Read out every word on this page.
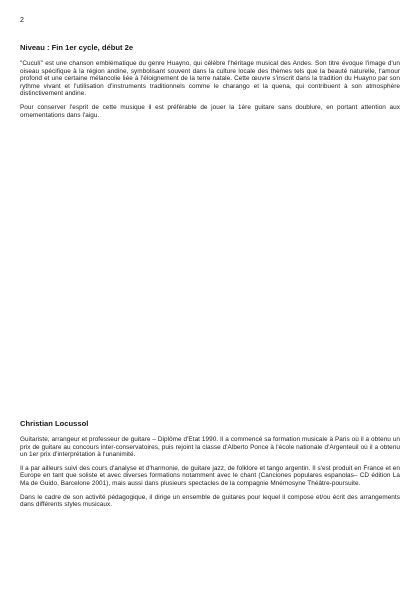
2
Niveau : Fin 1er cycle, début 2e

"Cuculí" est une chanson emblématique du genre Huayno, qui célèbre l'héritage musical des Andes. Son titre évoque l'image d'un oiseau spécifique à la région andine, symbolisant souvent dans la culture locale des thèmes tels que la beauté naturelle, l'amour profond et une certaine mélancolie liée à l'éloignement de la terre natale. Cette œuvre s'inscrit dans la tradition du Huayno par son rythme vivant et l'utilisation d'instruments traditionnels comme le charango et la quena, qui contribuent à son atmosphère distinctivement andine.

Pour conserver l'esprit de cette musique il est préférable de jouer la 1ère guitare sans doublure, en portant attention aux ornementations dans l'aigu.

Christian Locussol

Guitariste, arrangeur et professeur de guitare – Diplôme d'Etat 1990. Il a commencé sa formation musicale à Paris où il a obtenu un prix de guitare au concours inter-conservatoires, puis rejoint la classe d'Alberto Ponce à l'école nationale d'Argenteuil où il a obtenu un 1er prix d'interprétation à l'unanimité.

Il a par ailleurs suivi des cours d'analyse et d'harmonie, de guitare jazz, de folklore et tango argentin. Il s'est produit en France et en Europe en tant que soliste et avec diverses formations notamment avec le chant (Canciones populares espanolas– CD édition La Ma de Guido, Barcelone 2001), mais aussi dans plusieurs spectacles de la compagnie Mnémosyne Théâtre-poursuite.

Dans le cadre de son activité pédagogique, il dirige un ensemble de guitares pour lequel il compose et/ou écrit des arrangements dans différents styles musicaux.
